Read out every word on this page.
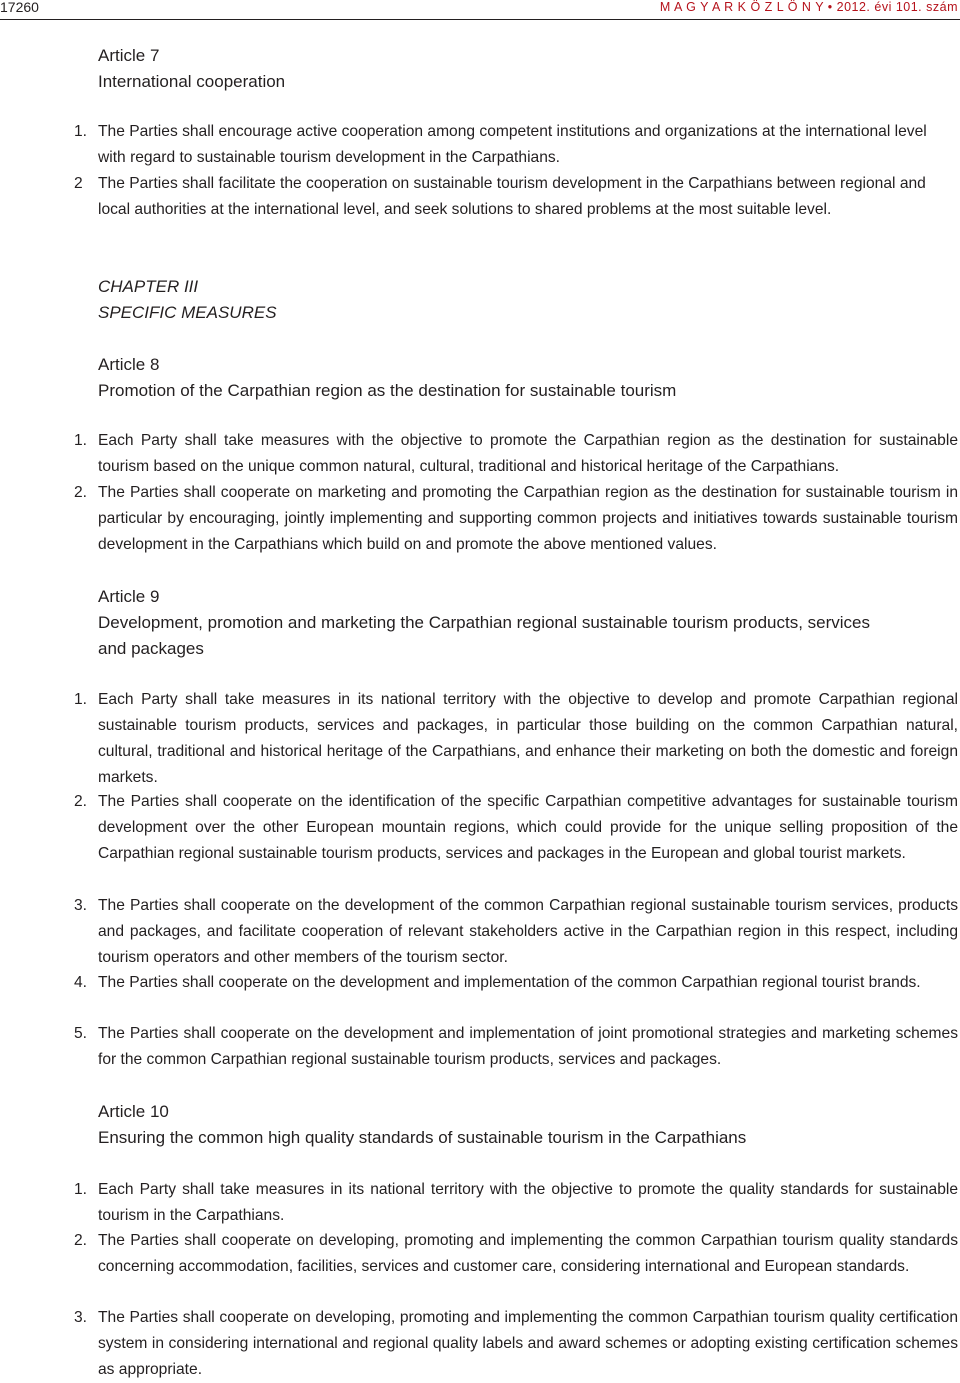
17260	M A G Y A R K Ö Z L Ö N Y • 2012. évi 101. szám
Article 7
International cooperation
1. The Parties shall encourage active cooperation among competent institutions and organizations at the international level with regard to sustainable tourism development in the Carpathians.
2 The Parties shall facilitate the cooperation on sustainable tourism development in the Carpathians between regional and local authorities at the international level, and seek solutions to shared problems at the most suitable level.
CHAPTER III
SPECIFIC MEASURES
Article 8
Promotion of the Carpathian region as the destination for sustainable tourism
1. Each Party shall take measures with the objective to promote the Carpathian region as the destination for sustainable tourism based on the unique common natural, cultural, traditional and historical heritage of the Carpathians.
2. The Parties shall cooperate on marketing and promoting the Carpathian region as the destination for sustainable tourism in particular by encouraging, jointly implementing and supporting common projects and initiatives towards sustainable tourism development in the Carpathians which build on and promote the above mentioned values.
Article 9
Development, promotion and marketing the Carpathian regional sustainable tourism products, services
and packages
1. Each Party shall take measures in its national territory with the objective to develop and promote Carpathian regional sustainable tourism products, services and packages, in particular those building on the common Carpathian natural, cultural, traditional and historical heritage of the Carpathians, and enhance their marketing on both the domestic and foreign markets.
2. The Parties shall cooperate on the identification of the specific Carpathian competitive advantages for sustainable tourism development over the other European mountain regions, which could provide for the unique selling proposition of the Carpathian regional sustainable tourism products, services and packages in the European and global tourist markets.
3. The Parties shall cooperate on the development of the common Carpathian regional sustainable tourism services, products and packages, and facilitate cooperation of relevant stakeholders active in the Carpathian region in this respect, including tourism operators and other members of the tourism sector.
4. The Parties shall cooperate on the development and implementation of the common Carpathian regional tourist brands.
5. The Parties shall cooperate on the development and implementation of joint promotional strategies and marketing schemes for the common Carpathian regional sustainable tourism products, services and packages.
Article 10
Ensuring the common high quality standards of sustainable tourism in the Carpathians
1. Each Party shall take measures in its national territory with the objective to promote the quality standards for sustainable tourism in the Carpathians.
2. The Parties shall cooperate on developing, promoting and implementing the common Carpathian tourism quality standards concerning accommodation, facilities, services and customer care, considering international and European standards.
3. The Parties shall cooperate on developing, promoting and implementing the common Carpathian tourism quality certification system in considering international and regional quality labels and award schemes or adopting existing certification schemes as appropriate.
